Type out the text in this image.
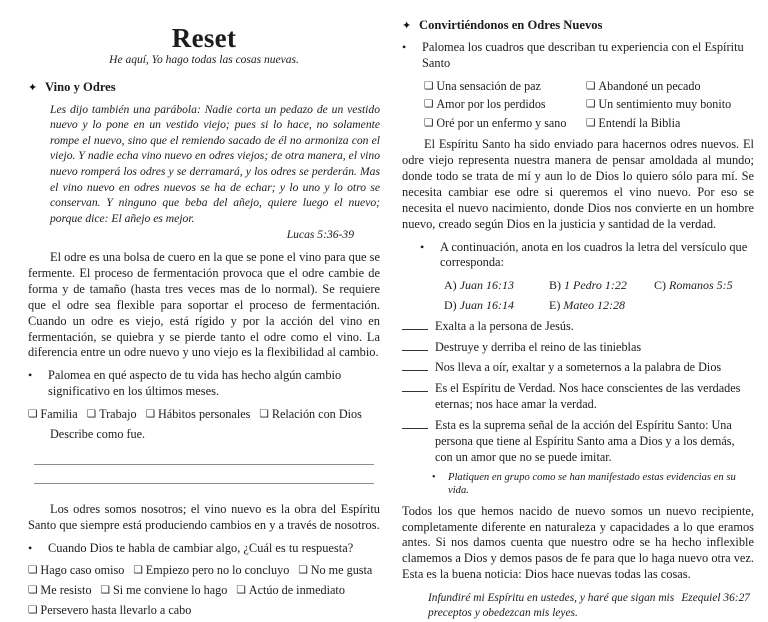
Reset
He aquí, Yo hago todas las cosas nuevas.
✦ Vino y Odres
Les dijo también una parábola: Nadie corta un pedazo de un vestido nuevo y lo pone en un vestido viejo; pues si lo hace, no solamente rompe el nuevo, sino que el remiendo sacado de él no armoniza con el viejo. Y nadie echa vino nuevo en odres viejos; de otra manera, el vino nuevo romperá los odres y se derramará, y los odres se perderán. Mas el vino nuevo en odres nuevos se ha de echar; y lo uno y lo otro se conservan. Y ninguno que beba del añejo, quiere luego el nuevo; porque dice: El añejo es mejor.
Lucas 5:36-39

El odre es una bolsa de cuero en la que se pone el vino para que se fermente. El proceso de fermentación provoca que el odre cambie de forma y de tamaño (hasta tres veces mas de lo normal). Se requiere que el odre sea flexible para soportar el proceso de fermentación. Cuando un odre es viejo, está rígido y por la acción del vino en fermentación, se quiebra y se pierde tanto el odre como el vino. La diferencia entre un odre nuevo y uno viejo es la flexibilidad al cambio.

•	Palomea en qué aspecto de tu vida has hecho algún cambio significativo en los últimos meses.
❏ Familia ❏ Trabajo ❏ Hábitos personales ❏ Relación con Dios
Describe como fue.

Los odres somos nosotros; el vino nuevo es la obra del Espíritu Santo que siempre está produciendo cambios en y a través de nosotros.

•	Cuando Dios te habla de cambiar algo, ¿Cuál es tu respuesta?
❏ Hago caso omiso ❏ Empiezo pero no lo concluyo ❏ No me gusta
❏ Me resisto ❏ Si me conviene lo hago ❏ Actúo de inmediato
❏ Persevero hasta llevarlo a cabo
✦ Convirtiéndonos en Odres Nuevos
•	Palomea los cuadros que describan tu experiencia con el Espíritu Santo
❏ Una sensación de paz	❏ Abandoné un pecado
❏ Amor por los perdidos	❏ Un sentimiento muy bonito
❏ Oré por un enfermo y sano	❏ Entendí la Biblia

El Espíritu Santo ha sido enviado para hacernos odres nuevos. El odre viejo representa nuestra manera de pensar amoldada al mundo; donde todo se trata de mí y aun lo de Dios lo quiero sólo para mí. Se necesita cambiar ese odre si queremos el vino nuevo. Por eso se necesita el nuevo nacimiento, donde Dios nos convierte en un hombre nuevo, creado según Dios en la justicia y santidad de la verdad.

•	A continuación, anota en los cuadros la letra del versículo que corresponda:
A) Juan 16:13	B) 1 Pedro 1:22	C) Romanos 5:5
D) Juan 16:14	E) Mateo 12:28
Exalta a la persona de Jesús.
Destruye y derriba el reino de las tinieblas
Nos lleva a oír, exaltar y a someternos a la palabra de Dios
Es el Espíritu de Verdad. Nos hace conscientes de las verdades eternas; nos hace amar la verdad.
Esta es la suprema señal de la acción del Espíritu Santo: Una persona que tiene al Espíritu Santo ama a Dios y a los demás, con un amor que no se puede imitar.
•	Platiquen en grupo como se han manifestado estas evidencias en su vida.

Todos los que hemos nacido de nuevo somos un nuevo recipiente, completamente diferente en naturaleza y capacidades a lo que eramos antes. Si nos damos cuenta que nuestro odre se ha hecho inflexible clamemos a Dios y demos pasos de fe para que lo haga nuevo otra vez. Esta es la buena noticia: Dios hace nuevas todas las cosas.

Ezequiel 36:27
Infundiré mi Espíritu en ustedes, y haré que sigan mis preceptos y obedezcan mis leyes.
